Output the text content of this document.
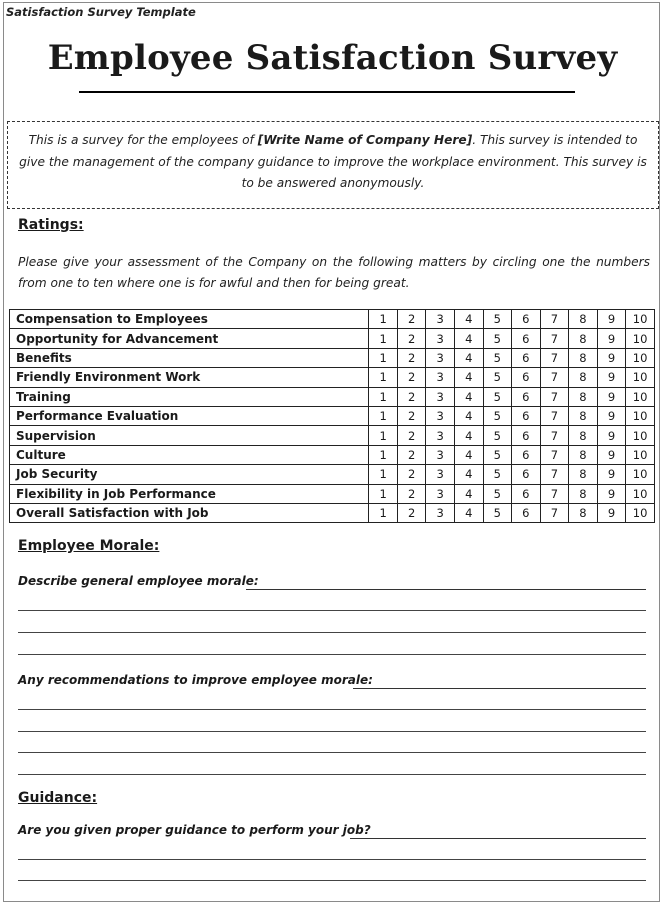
Satisfaction Survey Template
Employee Satisfaction Survey
This is a survey for the employees of [Write Name of Company Here]. This survey is intended to give the management of the company guidance to improve the workplace environment. This survey is to be answered anonymously.
Ratings:
Please give your assessment of the Company on the following matters by circling one the numbers from one to ten where one is for awful and then for being great.
Compensation to Employees	1	2	3	4	5	6	7	8	9	10
Opportunity for Advancement	1	2	3	4	5	6	7	8	9	10
Benefits	1	2	3	4	5	6	7	8	9	10
Friendly Environment Work	1	2	3	4	5	6	7	8	9	10
Training	1	2	3	4	5	6	7	8	9	10
Performance Evaluation	1	2	3	4	5	6	7	8	9	10
Supervision	1	2	3	4	5	6	7	8	9	10
Culture	1	2	3	4	5	6	7	8	9	10
Job Security	1	2	3	4	5	6	7	8	9	10
Flexibility in Job Performance	1	2	3	4	5	6	7	8	9	10
Overall Satisfaction with Job	1	2	3	4	5	6	7	8	9	10
Employee Morale:
Describe general employee morale:
Any recommendations to improve employee morale:
Guidance:
Are you given proper guidance to perform your job?
